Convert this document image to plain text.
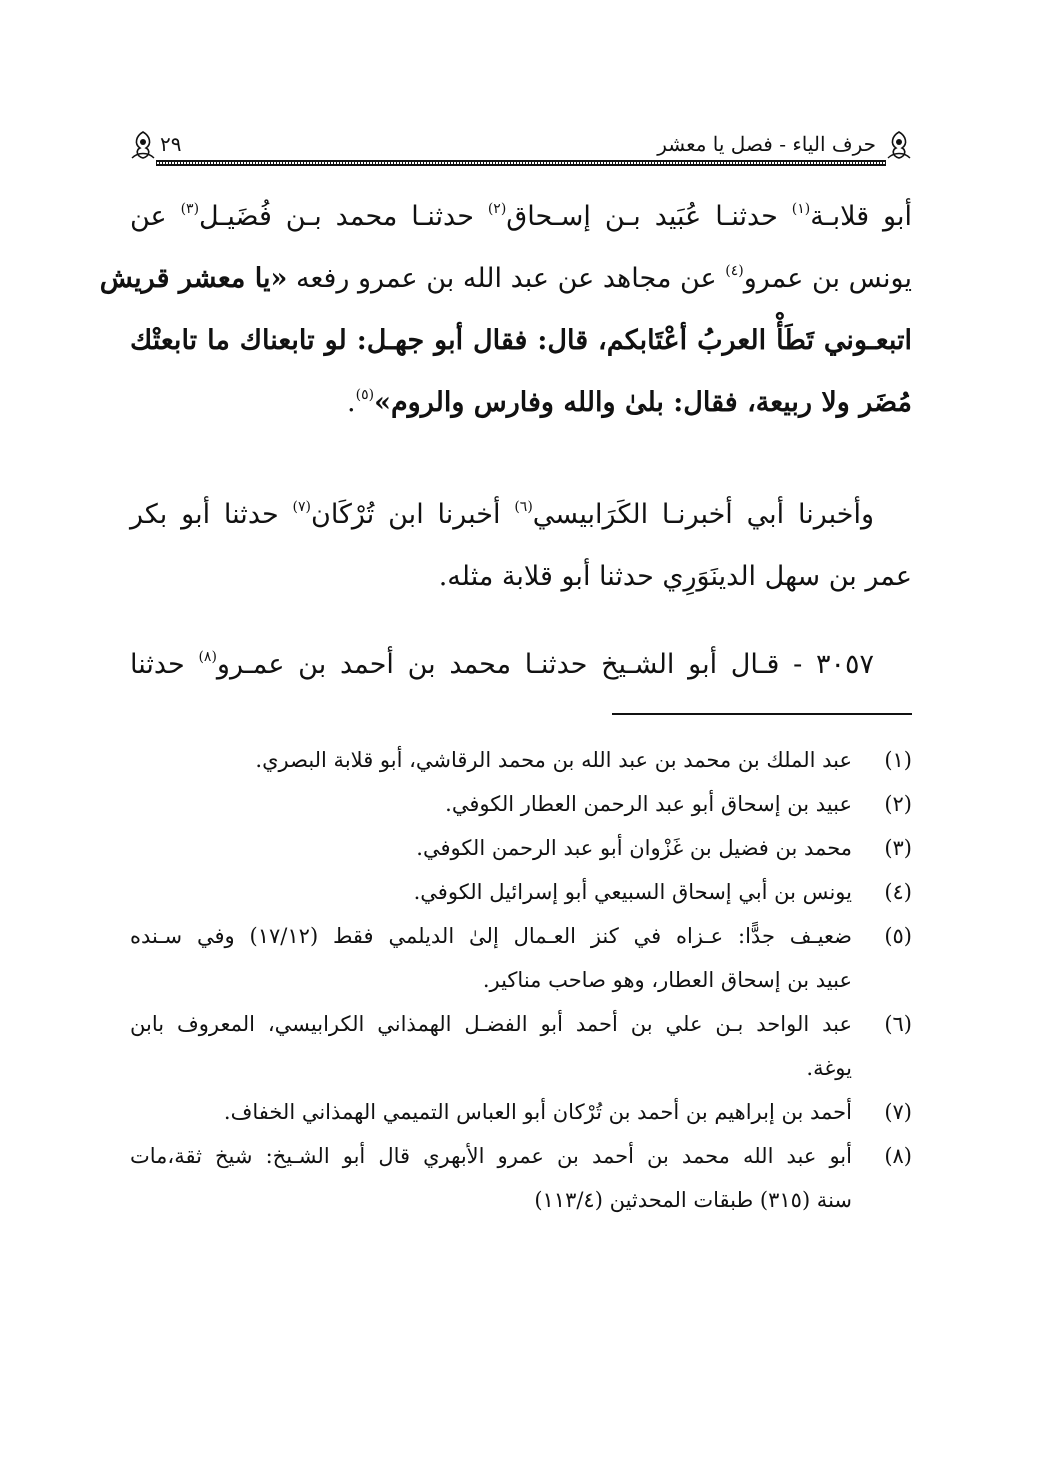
حرف الياء - فصل يا معشر
٢٩
أبو قلابـة$^{(١)}$ حدثنـا عُبَيد بـن إسـحاق$^{(٢)}$ حدثنـا محمد بـن فُضَيـل$^{(٣)}$ عن
يونس بن عمرو$^{(٤)}$ عن مجاهد عن عبد الله بن عمرو رفعه «يا معشر قريش
اتبعـوني تَطَأْ العربُ أعْتَابكم، قال: فقال أبو جهـل: لو تابعناك ما تابعتْك
مُضَر ولا ربيعة، فقال: بلىٰ والله وفارس والروم»$^{(٥)}$.
وأخبرنا أبي أخبرنـا الكَرَابيسي$^{(٦)}$ أخبرنا ابن تُرْكَان$^{(٧)}$ حدثنا أبو بكر
عمر بن سهل الدينَوَرِي حدثنا أبو قلابة مثله.
٣٠٥٧ - قـال أبو الشـيخ حدثنـا محمد بن أحمد بن عمـرو$^{(٨)}$ حدثنا
(١)
عبد الملك بن محمد بن عبد الله بن محمد الرقاشي، أبو قلابة البصري.
(٢)
عبيد بن إسحاق أبو عبد الرحمن العطار الكوفي.
(٣)
محمد بن فضيل بن غَزْوان أبو عبد الرحمن الكوفي.
(٤)
يونس بن أبي إسحاق السبيعي أبو إسرائيل الكوفي.
(٥)
ضعيـف جدًّا: عـزاه في كنز العـمال إلىٰ الديلمي فقط (١٧/١٢) وفي سـنده
عبيد بن إسحاق العطار، وهو صاحب مناكير.
(٦)
عبد الواحد بـن علي بن أحمد أبو الفضـل الهمذاني الكرابيسي، المعروف بابن
يوغة.
(٧)
أحمد بن إبراهيم بن أحمد بن تُرْكان أبو العباس التميمي الهمذاني الخفاف.
(٨)
أبو عبد الله محمد بن أحمد بن عمرو الأبهري قال أبو الشـيخ: شيخ ثقة،مات
سنة (٣١٥) طبقات المحدثين (١١٣/٤)
